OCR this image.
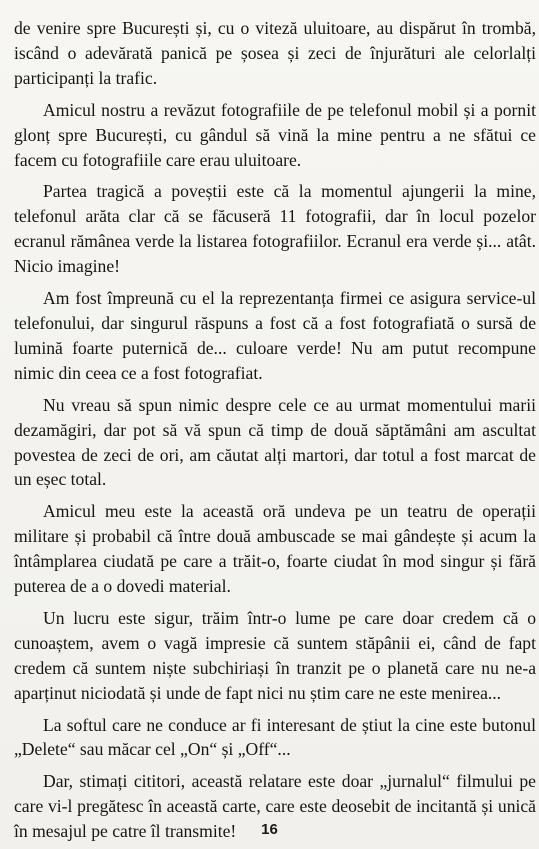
de venire spre București și, cu o viteză uluitoare, au dispărut în trombă, iscând o adevărată panică pe șosea și zeci de înjurături ale celorlalți participanți la trafic.

Amicul nostru a revăzut fotografiile de pe telefonul mobil și a pornit glonț spre București, cu gândul să vină la mine pentru a ne sfătui ce facem cu fotografiile care erau uluitoare.

Partea tragică a poveștii este că la momentul ajungerii la mine, telefonul arăta clar că se făcuseră 11 fotografii, dar în locul pozelor ecranul rămânea verde la listarea fotografiilor. Ecranul era verde și... atât. Nicio imagine!

Am fost împreună cu el la reprezentanța firmei ce asigura service-ul telefonului, dar singurul răspuns a fost că a fost fotografiată o sursă de lumină foarte puternică de... culoare verde! Nu am putut recompune nimic din ceea ce a fost fotografiat.

Nu vreau să spun nimic despre cele ce au urmat momentului marii dezamăgiri, dar pot să vă spun că timp de două săptămâni am ascultat povestea de zeci de ori, am căutat alți martori, dar totul a fost marcat de un eșec total.

Amicul meu este la această oră undeva pe un teatru de operații militare și probabil că între două ambuscade se mai gândește și acum la întâmplarea ciudată pe care a trăit-o, foarte ciudat în mod singur și fără puterea de a o dovedi material.

Un lucru este sigur, trăim într-o lume pe care doar credem că o cunoaștem, avem o vagă impresie că suntem stăpânii ei, când de fapt credem că suntem niște subchiriași în tranzit pe o planetă care nu ne-a aparținut niciodată și unde de fapt nici nu știm care ne este menirea...

La softul care ne conduce ar fi interesant de știut la cine este butonul „Delete“ sau măcar cel „On“ și „Off“...

Dar, stimați cititori, această relatare este doar „jurnalul“ filmului pe care vi-l pregătesc în această carte, care este deosebit de incitantă și unică în mesajul pe catre îl transmite!	16
